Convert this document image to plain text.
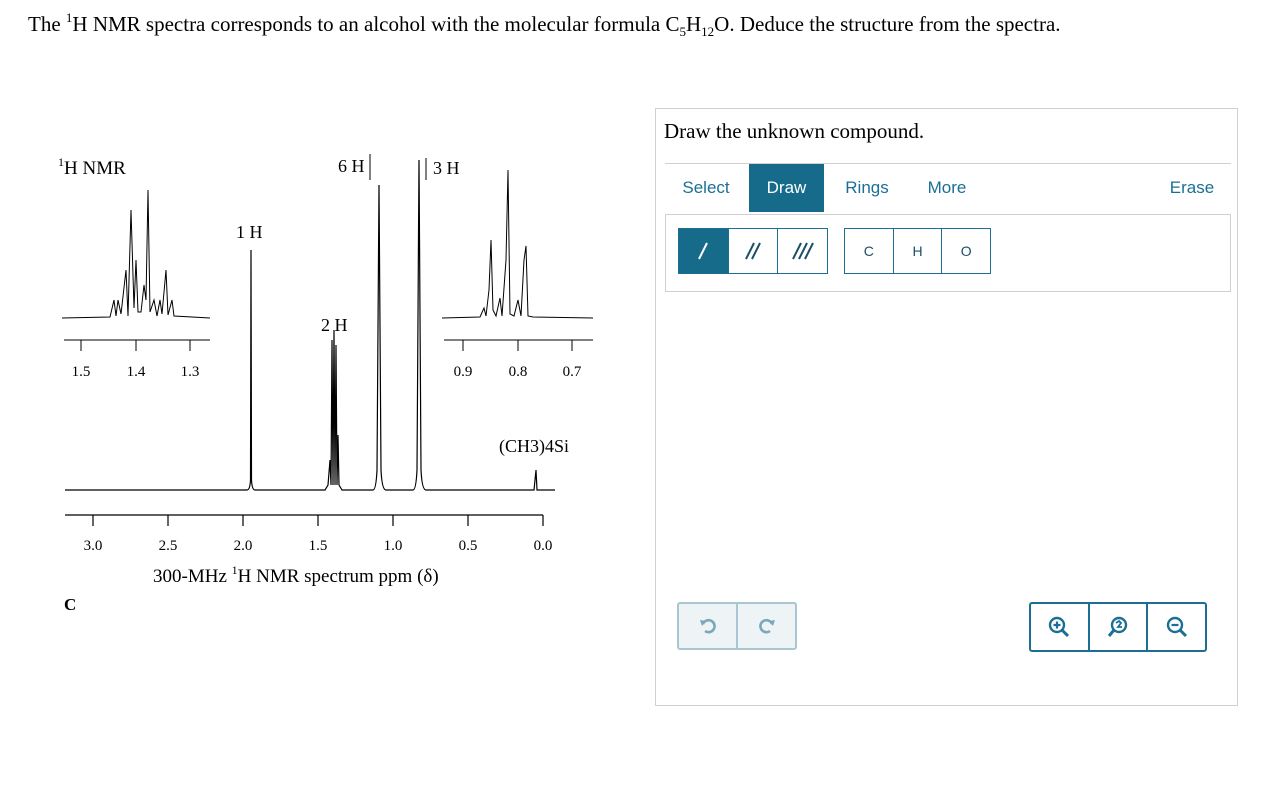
The $^1$H NMR spectra corresponds to an alcohol with the molecular formula $C_5H_{12}O$. Deduce the structure from the spectra.
3.0	2.5	2.0	1.5	1.0	0.5	0.0
300-MHz $^1$H NMR spectrum ppm (δ)
C
$^1$H NMR	6 H	3 H
1 H
2 H
1.5 1.4 1.3	0.9 0.8 0.7
(CH3)4Si
Draw the unknown compound.
Select	Draw	Rings	More	Erase
C	H	O
